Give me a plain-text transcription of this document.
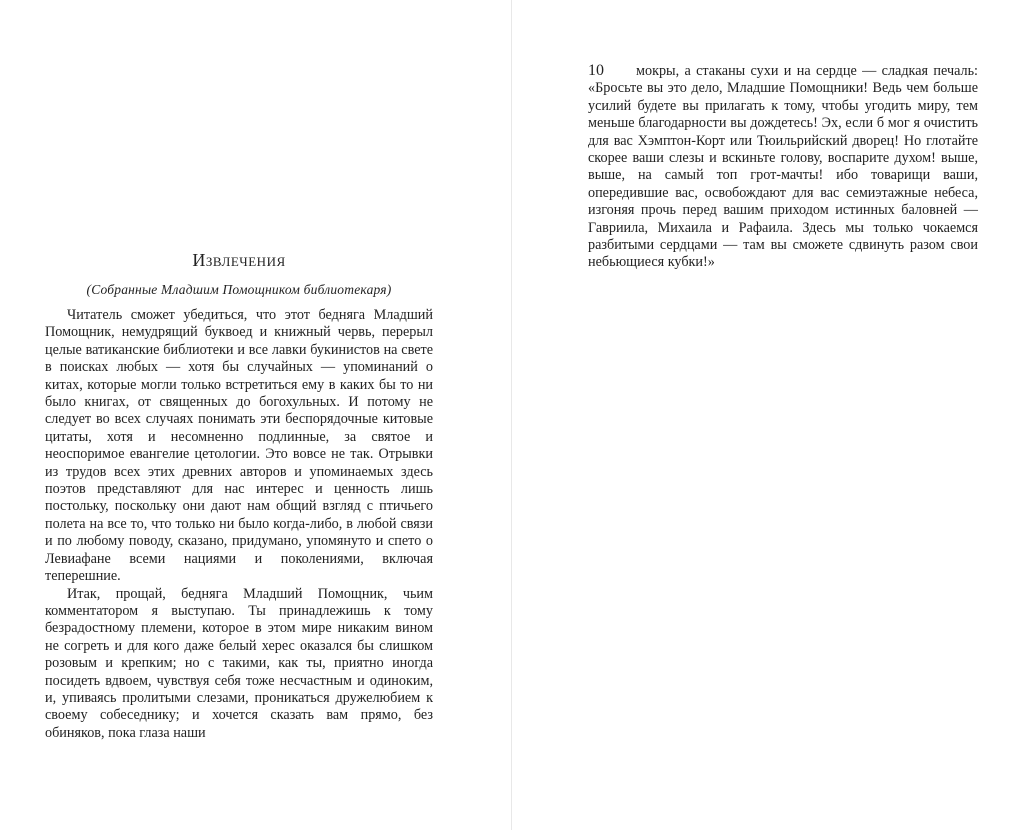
Извлечения
(Собранные Младшим Помощником библиотекаря)

Читатель сможет убедиться, что этот бедняга Младший Помощник, немудрящий буквоед и книжный червь, перерыл целые ватиканские библиотеки и все лавки букинистов на свете в поисках любых — хотя бы случайных — упоминаний о китах, которые могли только встретиться ему в каких бы то ни было книгах, от священных до богохульных. И потому не следует во всех случаях понимать эти беспорядочные китовые цитаты, хотя и несомненно подлинные, за святое и неоспоримое евангелие цетологии. Это вовсе не так. Отрывки из трудов всех этих древних авторов и упоминаемых здесь поэтов представляют для нас интерес и ценность лишь постольку, поскольку они дают нам общий взгляд с птичьего полета на все то, что только ни было когда-либо, в любой связи и по любому поводу, сказано, придумано, упомянуто и спето о Левиафане всеми нациями и поколениями, включая теперешние.

Итак, прощай, бедняга Младший Помощник, чьим комментатором я выступаю. Ты принадлежишь к тому безрадостному племени, которое в этом мире никаким вином не согреть и для кого даже белый херес оказался бы слишком розовым и крепким; но с такими, как ты, приятно иногда посидеть вдвоем, чувствуя себя тоже несчастным и одиноким, и, упиваясь пролитыми слезами, проникаться дружелюбием к своему собеседнику; и хочется сказать вам прямо, без обиняков, пока глаза наши

10	мокры, а стаканы сухи и на сердце — сладкая печаль: «Бросьте вы это дело, Младшие Помощники! Ведь чем больше усилий будете вы прилагать к тому, чтобы угодить миру, тем меньше благодарности вы дождетесь! Эх, если б мог я очистить для вас Хэмптон-Корт или Тюильрийский дворец! Но глотайте скорее ваши слезы и вскиньте голову, воспарите духом! выше, выше, на самый топ грот-мачты! ибо товарищи ваши, опередившие вас, освобождают для вас семиэтажные небеса, изгоняя прочь перед вашим приходом истинных баловней — Гавриила, Михаила и Рафаила. Здесь мы только чокаемся разбитыми сердцами — там вы сможете сдвинуть разом свои небьющиеся кубки!»
